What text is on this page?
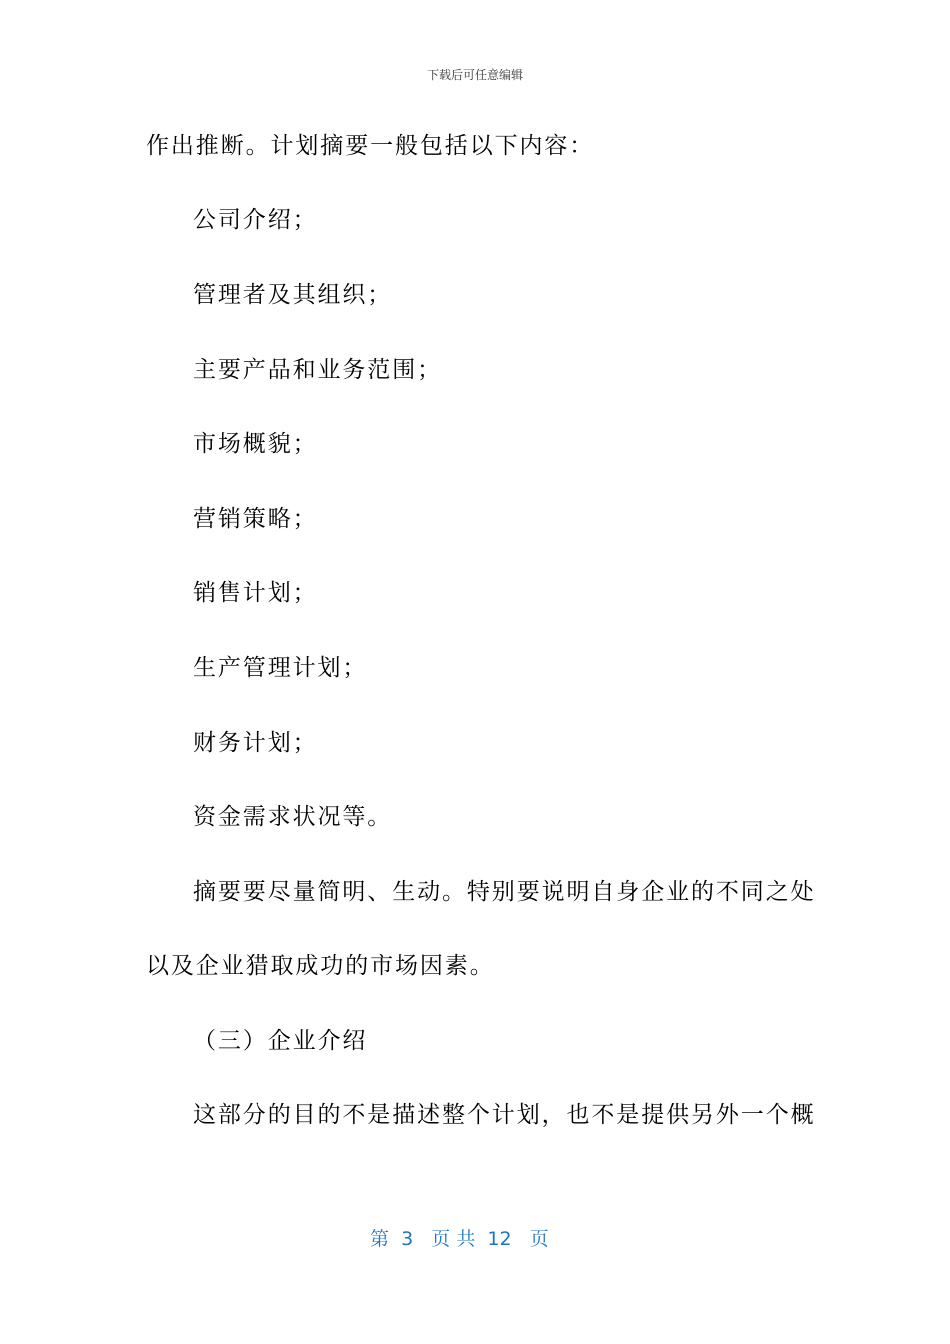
下载后可任意编辑
作出推断。计划摘要一般包括以下内容：
公司介绍；
管理者及其组织；
主要产品和业务范围；
市场概貌；
营销策略；
销售计划；
生产管理计划；
财务计划；
资金需求状况等。
摘要要尽量简明、生动。特别要说明自身企业的不同之处
以及企业猎取成功的市场因素。
（三）企业介绍
这部分的目的不是描述整个计划，也不是提供另外一个概
第  3   页 共  12   页
